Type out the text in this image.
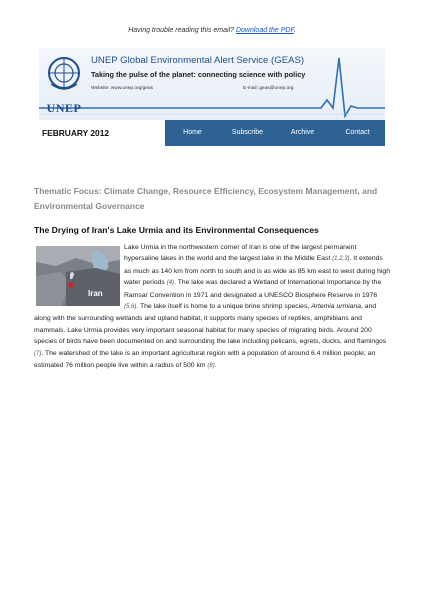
Having trouble reading this email? Download the PDF.
UNEP
UNEP Global Environmental Alert Service (GEAS)
Taking the pulse of the planet: connecting science with policy
Website: www.unep.org/geas	E-mail: geas@unep.org
FEBRUARY 2012	Home	Subscribe	Archive	Contact
Thematic Focus: Climate Change, Resource Efficiency, Ecosystem Management, and Environmental Governance
The Drying of Iran's Lake Urmia and its Environmental Consequences
Iran
Lake Urmia in the northwestern corner of Iran is one of the largest permanent hypersaline lakes in the world and the largest lake in the Middle East (1,2,3). It extends as much as 140 km from north to south and is as wide as 85 km east to west during high water periods (4). The lake was declared a Wetland of International Importance by the Ramsar Convention in 1971 and designated a UNESCO Biosphere Reserve in 1976 (5,6). The lake itself is home to a unique brine shrimp species, Artemia urmiana, and along with the surrounding wetlands and upland habitat, it supports many species of reptiles, amphibians and mammals. Lake Urmia provides very important seasonal habitat for many species of migrating birds. Around 200 species of birds have been documented on and surrounding the lake including pelicans, egrets, ducks, and flamingos (7). The watershed of the lake is an important agricultural region with a population of around 6.4 million people; an estimated 76 million people live within a radius of 500 km (8).
